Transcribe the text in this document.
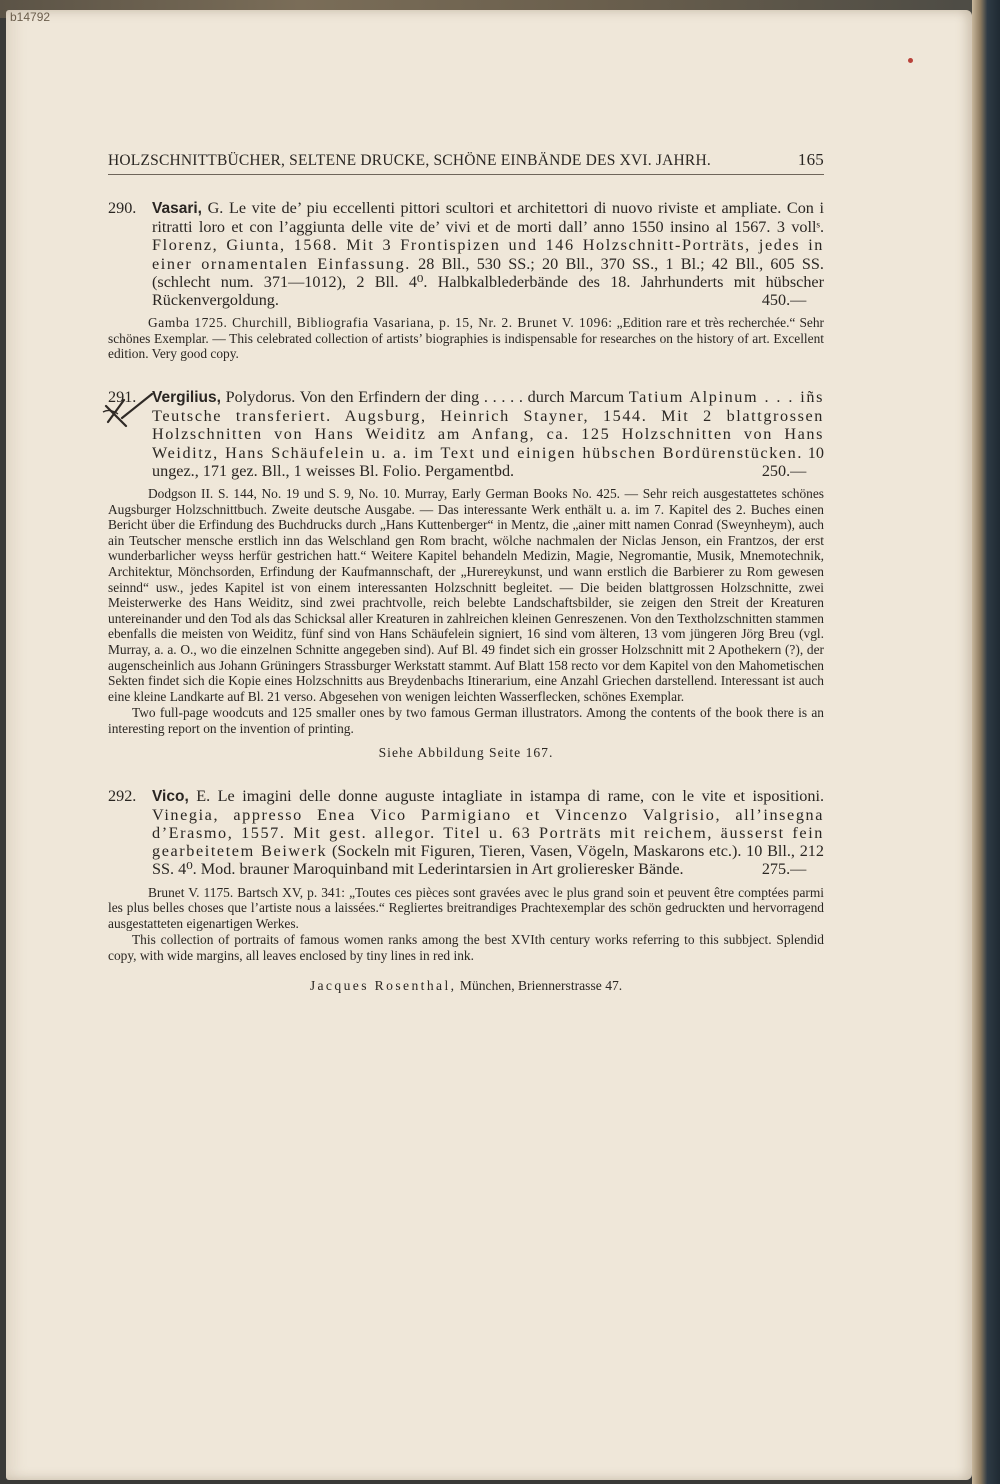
b14792
HOLZSCHNITTBÜCHER, SELTENE DRUCKE, SCHÖNE EINBÄNDE DES XVI. JAHRH.	165
290. Vasari, G. Le vite de’ piu eccellenti pittori scultori et architettori di nuovo riviste et ampliate. Con i ritratti loro et con l’aggiunta delle vite de’ vivi et de morti dall’ anno 1550 insino al 1567. 3 vollˢ. Florenz, Giunta, 1568. Mit 3 Frontispizen und 146 Holzschnitt-Porträts, jedes in einer ornamentalen Einfassung. 28 Bll., 530 SS.; 20 Bll., 370 SS., 1 Bl.; 42 Bll., 605 SS. (schlecht num. 371—1012), 2 Bll. 4⁰. Halbkalblederbände des 18. Jahrhunderts mit hübscher Rückenvergoldung.	450.—
Gamba 1725. Churchill, Bibliografia Vasariana, p. 15, Nr. 2. Brunet V. 1096: „Edition rare et très recherchée.“ Sehr schönes Exemplar. — This celebrated collection of artists’ biographies is indispensable for researches on the history of art. Excellent edition. Very good copy.
291. Vergilius, Polydorus. Von den Erfindern der ding . . . . . durch Marcum Tatium Alpinum . . . iñs Teutsche transferiert. Augsburg, Heinrich Stayner, 1544. Mit 2 blattgrossen Holzschnitten von Hans Weiditz am Anfang, ca. 125 Holzschnitten von Hans Weiditz, Hans Schäufelein u. a. im Text und einigen hübschen Bordürenstücken. 10 ungez., 171 gez. Bll., 1 weisses Bl. Folio. Pergamentbd.	250.—
Dodgson II. S. 144, No. 19 und S. 9, No. 10. Murray, Early German Books No. 425. — Sehr reich ausgestattetes schönes Augsburger Holzschnittbuch. Zweite deutsche Ausgabe. — Das interessante Werk enthält u. a. im 7. Kapitel des 2. Buches einen Bericht über die Erfindung des Buchdrucks durch „Hans Kuttenberger“ in Mentz, die „ainer mitt namen Conrad (Sweynheym), auch ain Teutscher mensche erstlich inn das Welschland gen Rom bracht, wölche nachmalen der Niclas Jenson, ein Frantzos, der erst wunderbarlicher weyss herfür gestrichen hatt.“ Weitere Kapitel behandeln Medizin, Magie, Negromantie, Musik, Mnemotechnik, Architektur, Mönchsorden, Erfindung der Kaufmannschaft, der „Hurereykunst, und wann erstlich die Barbierer zu Rom gewesen seinnd“ usw., jedes Kapitel ist von einem interessanten Holzschnitt begleitet. — Die beiden blattgrossen Holzschnitte, zwei Meisterwerke des Hans Weiditz, sind zwei prachtvolle, reich belebte Landschaftsbilder, sie zeigen den Streit der Kreaturen untereinander und den Tod als das Schicksal aller Kreaturen in zahlreichen kleinen Genreszenen. Von den Textholzschnitten stammen ebenfalls die meisten von Weiditz, fünf sind von Hans Schäufelein signiert, 16 sind vom älteren, 13 vom jüngeren Jörg Breu (vgl. Murray, a. a. O., wo die einzelnen Schnitte angegeben sind). Auf Bl. 49 findet sich ein grosser Holzschnitt mit 2 Apothekern (?), der augenscheinlich aus Johann Grüningers Strassburger Werkstatt stammt. Auf Blatt 158 recto vor dem Kapitel von den Mahometischen Sekten findet sich die Kopie eines Holzschnitts aus Breydenbachs Itinerarium, eine Anzahl Griechen darstellend. Interessant ist auch eine kleine Landkarte auf Bl. 21 verso. Abgesehen von wenigen leichten Wasserflecken, schönes Exemplar.
Two full-page woodcuts and 125 smaller ones by two famous German illustrators. Among the contents of the book there is an interesting report on the invention of printing.
Siehe Abbildung Seite 167.
292. Vico, E. Le imagini delle donne auguste intagliate in istampa di rame, con le vite et ispositioni. Vinegia, appresso Enea Vico Parmigiano et Vincenzo Valgrisio, all’insegna d’Erasmo, 1557. Mit gest. allegor. Titel u. 63 Porträts mit reichem, äusserst fein gearbeitetem Beiwerk (Sockeln mit Figuren, Tieren, Vasen, Vögeln, Maskarons etc.). 10 Bll., 212 SS. 4⁰. Mod. brauner Maroquinband mit Lederintarsien in Art grolieresker Bände.	275.—
Brunet V. 1175. Bartsch XV, p. 341: „Toutes ces pièces sont gravées avec le plus grand soin et peuvent être comptées parmi les plus belles choses que l’artiste nous a laissées.“ Regliertes breitrandiges Prachtexemplar des schön gedruckten und hervorragend ausgestatteten eigenartigen Werkes.
This collection of portraits of famous women ranks among the best XVIth century works referring to this subbject. Splendid copy, with wide margins, all leaves enclosed by tiny lines in red ink.
Jacques Rosenthal, München, Briennerstrasse 47.
